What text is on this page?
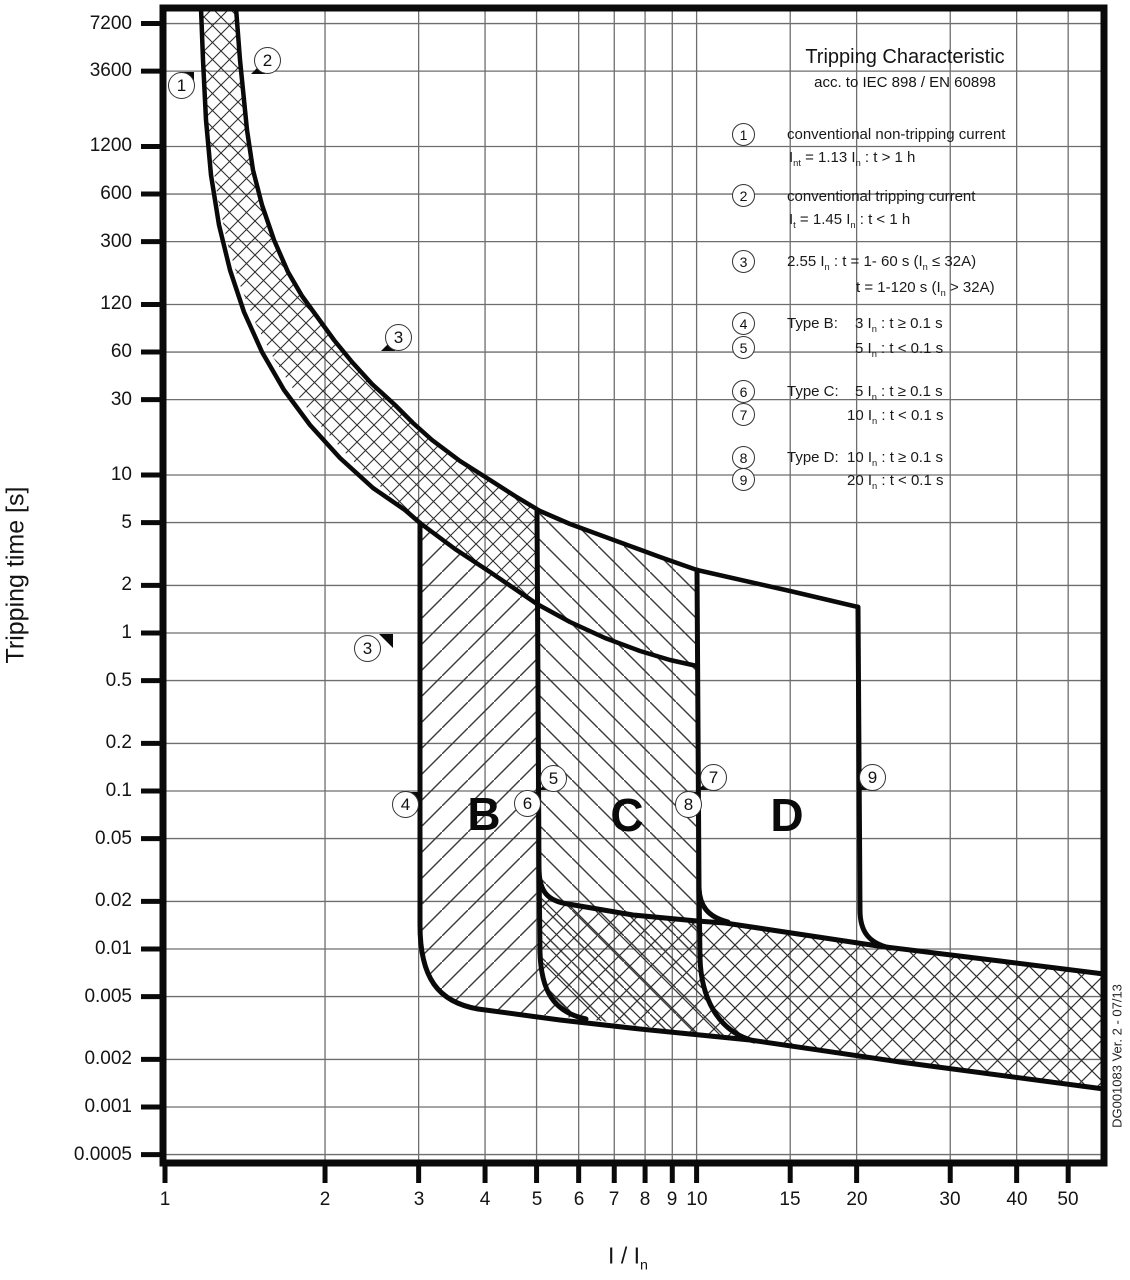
7200
3600
1200
600
300
120
60
30
10
5
2
1
0.5
0.2
0.1
0.05
0.02
0.01
0.005
0.002
0.001
0.0005
1	2	3	4	5	6	7	8 9 10	15	20	30	40	50
Tripping time [s]
I / $I_n$
DG001083 Ver. 2 - 07/13
Tripping Characteristic
acc. to IEC 898 / EN 60898
1	conventional non-tripping current
$I_{nt} = 1.13$ $I_n$ : t > 1 h
2	conventional tripping current
$I_t = 1.45$ $I_n$ : t < 1 h
3	2.55 $I_n$ : t = 1- 60 s $(I_n \le 32A)$
t = 1-120 s $(I_n > 32A)$
4	Type B: 3 $I_n$ : t ≥ 0.1 s
5	5 $I_n$ : t < 0.1 s
6	Type C: 5 $I_n$ : t ≥ 0.1 s
7	10 $I_n$ : t < 0.1 s
8	Type D: 10 $I_n$ : t ≥ 0.1 s
9	20 $I_n$ : t < 0.1 s
1
2
3
3
4
5
6
7
8
9
B C	D
